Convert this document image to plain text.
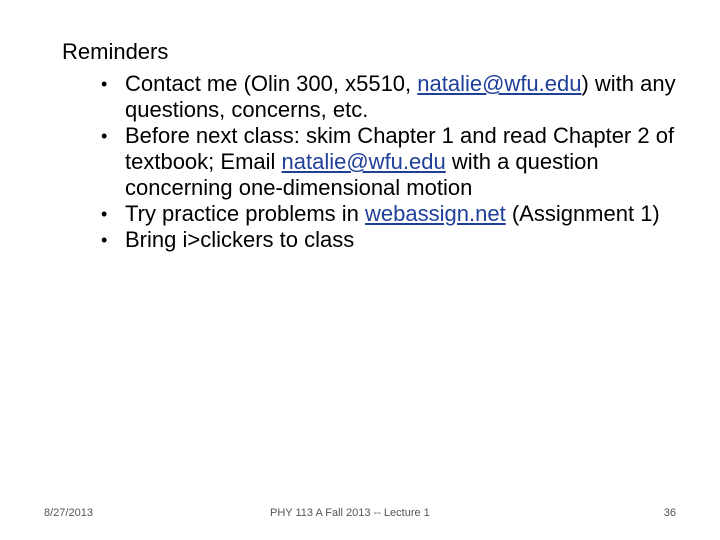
Reminders
• Contact me (Olin 300, x5510, natalie@wfu.edu) with any questions, concerns, etc.
• Before next class: skim Chapter 1 and read Chapter 2 of textbook; Email natalie@wfu.edu with a question concerning one-dimensional motion
• Try practice problems in webassign.net (Assignment 1)
• Bring i>clickers to class
8/27/2013	PHY 113 A Fall 2013 -- Lecture 1	36
